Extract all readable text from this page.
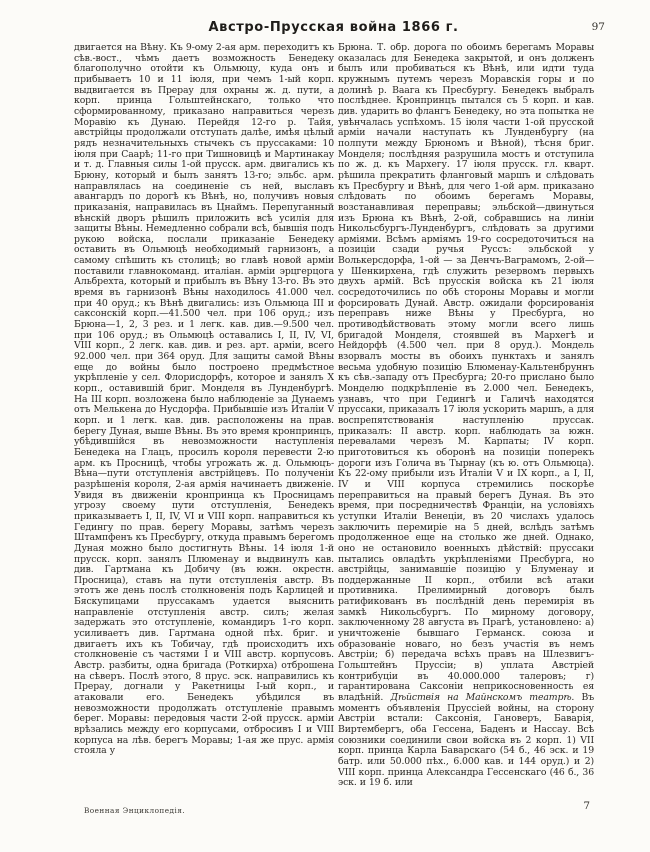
Австро-Прусская война 1866 г.	97
двигается на Вѣну. Къ 9-ому 2-ая арм. переходитъ къ сѣв.-вост., чѣмъ даетъ возможность Бенедеку благополучно отойти къ Ольмюцу, куда онъ и прибываетъ 10 и 11 іюля, при чемъ 1-ый корп. выдвигается въ Прерау для охраны ж. д. пути, а корп. принца Гольштейнскаго, только что сформированному, приказано направиться черезъ Моравію къ Дунаю. Перейдя 12-го р. Тайя, австрійцы продолжали отступать далѣе, имѣя цѣлый рядъ незначительныхъ стычекъ съ пруссаками: 10 іюля при Саарѣ; 11-го при Тишновицѣ и Мартинакау и т. д. Главныя силы 1-ой прусск. арм. двигались къ Брюну, который и былъ занятъ 13-го; эльбс. арм. направлялась на соединеніе съ ней, выславъ авангардъ по дорогѣ къ Вѣнѣ, но, получивъ новыя приказанія, направилась въ Цнаймъ. Перепуганный вѣнскій дворъ рѣшилъ приложить всѣ усилія для защиты Вѣны. Немедленно собрали всѣ, бывшія подъ рукою войска, послали приказаніе Бенедеку оставить въ Ольмюцѣ необходимый гарнизонъ, а самому спѣшить къ столицѣ; во главѣ новой арміи поставили главнокоманд. италіан. арміи эрцгерцога Альбрехта, который и прибылъ въ Вѣну 13-го. Въ это время въ гарнизонѣ Вѣны находилось 41.000 чел. при 40 оруд.; къ Вѣнѣ двигались: изъ Ольмюца III и саксонскій корп.—41.500 чел. при 106 оруд.; изъ Брюна—1, 2, 3 рез. и 1 легк. кав. див.—9.500 чел. при 106 оруд.; въ Ольмюцѣ оставались I, II, IV, VI, VIII корп., 2 легк. кав. див. и рез. арт. арміи, всего 92.000 чел. при 364 оруд. Для защиты самой Вѣны еще до войны было построено предмѣстное укрѣпленіе у сел. Флорисдорфъ, которое и занялъ X корп., оставившій бриг. Монделя въ Лунденбургѣ. На III корп. возложена было наблюденіе за Дунаемъ отъ Мелькена до Нусдорфа. Прибывшіе изъ Италіи V корп. и 1 легк. кав. див. расположены на прав. берегу Дуная, выше Вѣны. Въ это время кронпринцъ, убѣдившійся въ невозможности наступленія Бенедека на Глацъ, просилъ короля перевести 2-ю арм. къ Просницѣ, чтобы угрожать ж. д. Ольмюцъ-Вѣна—пути отступленія австрійцевъ. По полученіи разрѣшенія короля, 2-ая армія начинаетъ движеніе. Увидя въ движеніи кронпринца къ Просницамъ угрозу своему пути отступленія, Бенедекъ приказываетъ I, II, IV, VI и VIII корп. направиться къ Гедингу по прав. берегу Моравы, затѣмъ черезъ Штампфенъ къ Пресбургу, откуда правымъ берегомъ Дуная можно было достигнуть Вѣны. 14 іюля 1-й прусск. корп. занялъ Плюменау и выдвинулъ кав. див. Гартмана къ Добичу (въ южн. окрестн. Просница), ставъ на пути отступленія австр. Въ этотъ же день послѣ столкновенія подъ Карлицей и Бяскупицами пруссакамъ удается выяснить направленіе отступленія австр. силъ; желая задержать это отступленіе, командиръ 1-го корп. усиливаетъ див. Гартмана одной пѣх. бриг. и двигаетъ ихъ къ Тобичау, гдѣ происходитъ ихъ столкновеніе съ частями I и VIII австр. корпусовъ. Австр. разбиты, одна бригада (Роткирха) отброшена на сѣверъ. Послѣ этого, 8 прус. эск. направились къ Прерау, догнали у Ракетницы I-ый корп., и атаковали его. Бенедекъ убѣдился въ невозможности продолжать отступленіе правымъ берег. Моравы: передовыя части 2-ой прусск. арміи врѣзались между его корпусами, отбросивъ I и VIII корпуса на лѣв. берегъ Моравы; 1-ая же прус. армія стояла у
Брюна. Т. обр. дорога по обоимъ берегамъ Моравы оказалась для Бенедека закрытой, и онъ долженъ былъ или пробиваться къ Вѣнѣ, или идти туда кружнымъ путемъ черезъ Моравскія горы и по долинѣ р. Ваага къ Пресбургу. Бенедекъ выбралъ послѣднее. Кронпринцъ пытался съ 5 корп. и кав. див. ударить во флангъ Бенедеку, но эта попытка не увѣнчалась успѣхомъ. 15 іюля части 1-ой прусской арміи начали наступать къ Лунденбургу (на полпути между Брюномъ и Вѣной), тѣсня бриг. Монделя; послѣдняя разрушила мостъ и отступила по ж. д. къ Мархегу. 17 іюля прусск. гл. кварт. рѣшила прекратить фланговый маршъ и слѣдовать къ Пресбургу и Вѣнѣ, для чего 1-ой арм. приказано слѣдовать по обоимъ берегамъ Моравы, возстанавливая переправы; эльбской—двинуться изъ Брюна къ Вѣнѣ, 2-ой, собравшись на линіи Никольсбургъ-Лунденбургъ, слѣдовать за другими арміями. Всѣмъ арміямъ 19-го сосредоточиться на позиціи сзади ручья Руссъ: эльбской у Волькерсдорфа, 1-ой — за Денчъ-Ваграмомъ, 2-ой—у Шенкирхена, гдѣ служить резервомъ первыхъ двухъ армій. Всѣ прусскія войска къ 21 іюля сосредоточились по обѣ стороны Моравы и могли форсировать Дунай. Австр. ожидали форсированія переправъ ниже Вѣны у Пресбурга, но противодѣйствовать этому могли всего лишь бригадой Монделя, стоявшей въ Мархегѣ и Нейдорфѣ (4.500 чел. при 8 оруд.). Мондель взорвалъ мосты въ обоихъ пунктахъ и занялъ весьма удобную позицію Блюменау-Кальтенбруннъ къ сѣв.-западу отъ Пресбурга; 20-го прислано было Монделю подкрѣпленіе въ 2.000 чел. Бенедекъ, узнавъ, что при Гедингѣ и Галичѣ находятся пруссаки, приказалъ 17 іюля ускорить маршъ, а для воспрепятствованія наступленію пруссак. приказалъ: II австр. корп. наблюдать за южн. перевалами черезъ М. Карпаты; IV корп. приготовиться къ оборонѣ на позиціи поперекъ дороги изъ Голича въ Тырнау (къ ю. отъ Ольмюца). Къ 22-ому прибыли изъ Италіи V и IX корп., а I, II, IV и VIII корпуса стремились поскорѣе переправиться на правый берегъ Дуная. Въ это время, при посредничествѣ Франціи, на условіяхъ уступки Италіи Венеціи, въ 20 числахъ удалось заключить перемиріе на 5 дней, вслѣдъ затѣмъ продолженное еще на столько же дней. Однако, оно не остановило военныхъ дѣйствій: пруссаки пытались овладѣть укрѣпленіями Пресбурга, но австрійцы, занимавшіе позицію у Блуменау и поддержанные II корп., отбили всѣ атаки противника. Прелимирный договоръ былъ ратификованъ въ послѣдній день перемирія въ замкѣ Никольсбургъ. По мирному договору, заключенному 28 августа въ Прагѣ, установлено: а) уничтоженіе бывшаго Германск. союза и образованіе новаго, но безъ участія въ немъ Австріи; б) передача всѣхъ правъ на Шлезвигъ-Гольштейнъ Пруссіи; в) уплата Австріей контрибуціи въ 40.000.000 талеровъ; г) гарантирована Саксоніи неприкосновенность ея владѣній. Дѣйствія на Майнскомъ театрѣ. Въ моментъ объявленія Пруссіей войны, на сторону Австріи встали: Саксонія, Гановеръ, Баварія, Виртембергъ, оба Гессена, Баденъ и Нассау. Всѣ союзники соединили свои войска въ 2 корп. 1) VII корп. принца Карла Баварскаго (54 б., 46 эск. и 19 батр. или 50.000 пѣх., 6.000 кав. и 144 оруд.) и 2) VIII корп. принца Александра Гессенскаго (46 б., 36 эск. и 19 б. или
Военная Энциклопедія.	7
